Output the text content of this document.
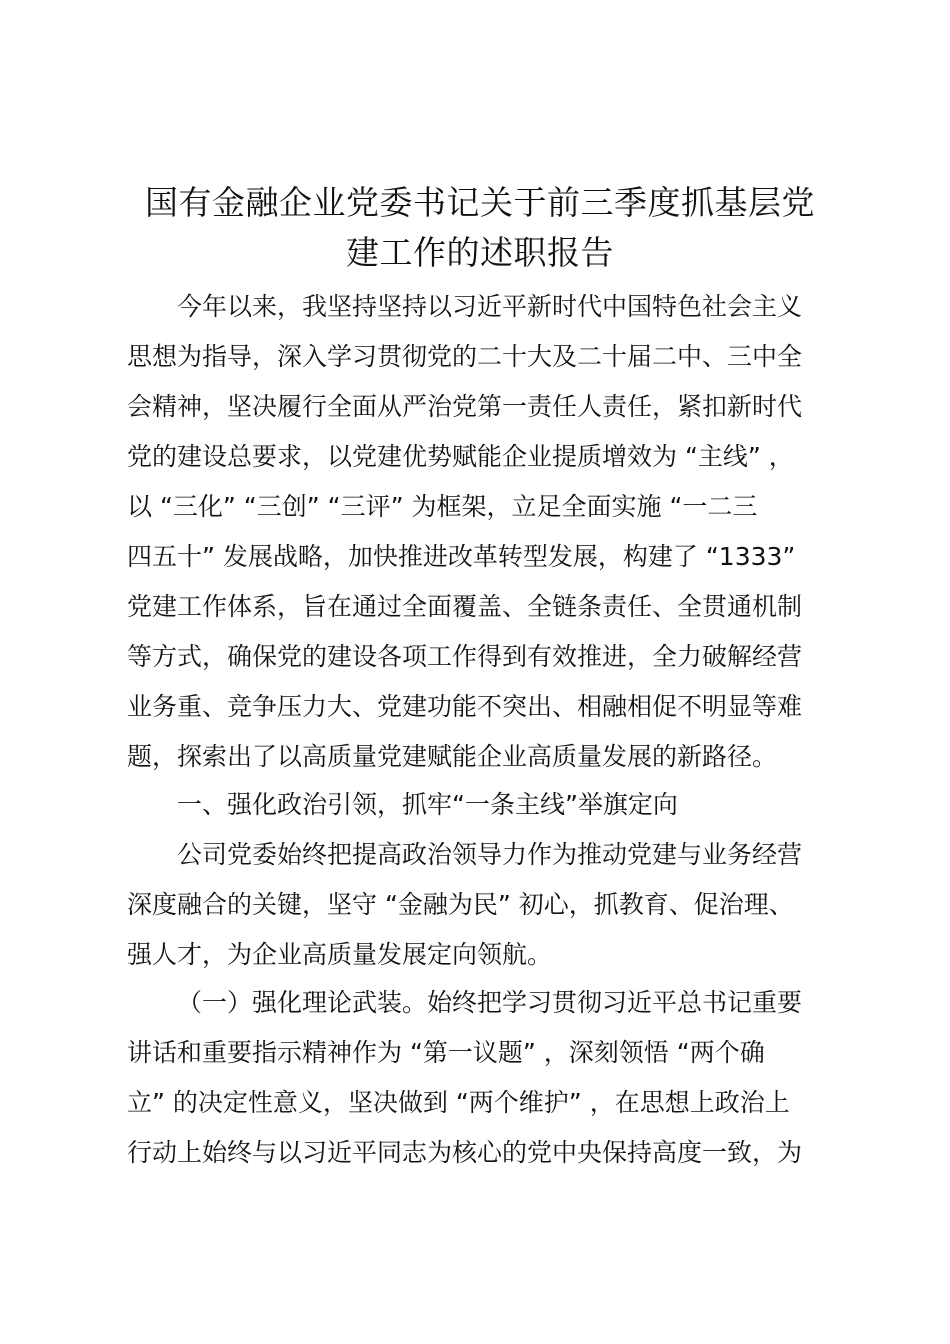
国有金融企业党委书记关于前三季度抓基层党
建工作的述职报告
今年以来，我坚持坚持以习近平新时代中国特色社会主义
思想为指导，深入学习贯彻党的二十大及二十届二中、三中全
会精神，坚决履行全面从严治党第一责任人责任，紧扣新时代
党的建设总要求，以党建优势赋能企业提质增效为 “主线” ，
以 “三化” “三创” “三评” 为框架，立足全面实施 “一二三
四五十” 发展战略，加快推进改革转型发展，构建了 “1333”
党建工作体系，旨在通过全面覆盖、全链条责任、全贯通机制
等方式，确保党的建设各项工作得到有效推进，全力破解经营
业务重、竞争压力大、党建功能不突出、相融相促不明显等难
题，探索出了以高质量党建赋能企业高质量发展的新路径。
一、强化政治引领，抓牢“一条主线”举旗定向
公司党委始终把提高政治领导力作为推动党建与业务经营
深度融合的关键，坚守 “金融为民” 初心，抓教育、促治理、
强人才，为企业高质量发展定向领航。
（一）强化理论武装。始终把学习贯彻习近平总书记重要
讲话和重要指示精神作为 “第一议题” ，深刻领悟 “两个确
立” 的决定性意义，坚决做到 “两个维护” ，在思想上政治上
行动上始终与以习近平同志为核心的党中央保持高度一致，为
